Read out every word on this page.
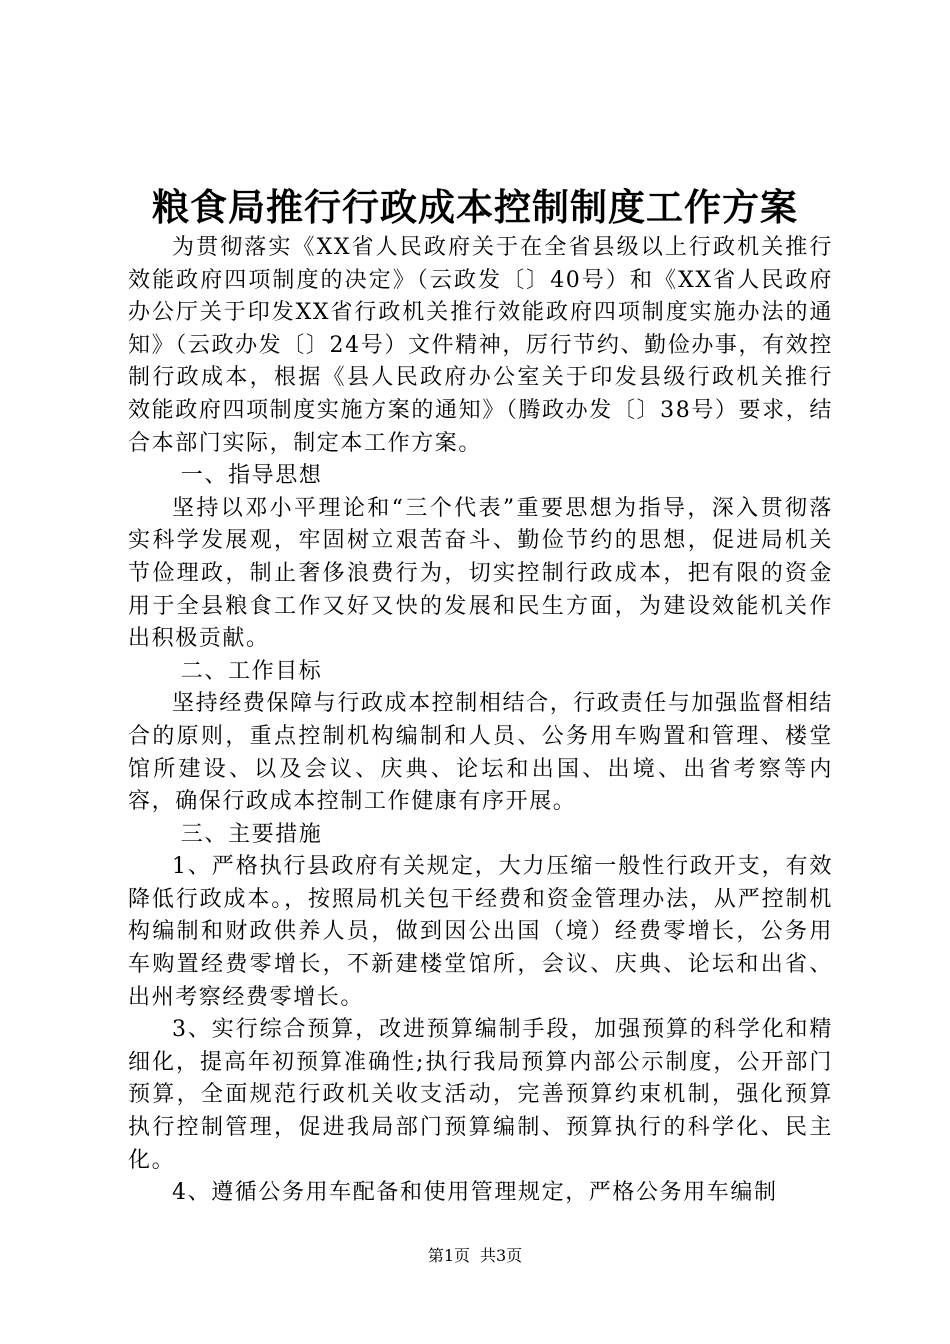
粮食局推行行政成本控制制度工作方案

为贯彻落实《XX省人民政府关于在全省县级以上行政机关推行效能政府四项制度的决定》（云政发〔〕40号）和《XX省人民政府办公厅关于印发XX省行政机关推行效能政府四项制度实施办法的通知》（云政办发〔〕24号）文件精神，厉行节约、勤俭办事，有效控制行政成本，根据《县人民政府办公室关于印发县级行政机关推行效能政府四项制度实施方案的通知》（腾政办发〔〕38号）要求，结合本部门实际，制定本工作方案。

一、指导思想

坚持以邓小平理论和“三个代表”重要思想为指导，深入贯彻落实科学发展观，牢固树立艰苦奋斗、勤俭节约的思想，促进局机关节俭理政，制止奢侈浪费行为，切实控制行政成本，把有限的资金用于全县粮食工作又好又快的发展和民生方面，为建设效能机关作出积极贡献。

二、工作目标

坚持经费保障与行政成本控制相结合，行政责任与加强监督相结合的原则，重点控制机构编制和人员、公务用车购置和管理、楼堂馆所建设、以及会议、庆典、论坛和出国、出境、出省考察等内容，确保行政成本控制工作健康有序开展。

三、主要措施

1、严格执行县政府有关规定，大力压缩一般性行政开支，有效降低行政成本。，按照局机关包干经费和资金管理办法，从严控制机构编制和财政供养人员，做到因公出国（境）经费零增长，公务用车购置经费零增长，不新建楼堂馆所，会议、庆典、论坛和出省、出州考察经费零增长。

3、实行综合预算，改进预算编制手段，加强预算的科学化和精细化，提高年初预算准确性;执行我局预算内部公示制度，公开部门预算，全面规范行政机关收支活动，完善预算约束机制，强化预算执行控制管理，促进我局部门预算编制、预算执行的科学化、民主化。

4、遵循公务用车配备和使用管理规定，严格公务用车编制

第1页 共3页
